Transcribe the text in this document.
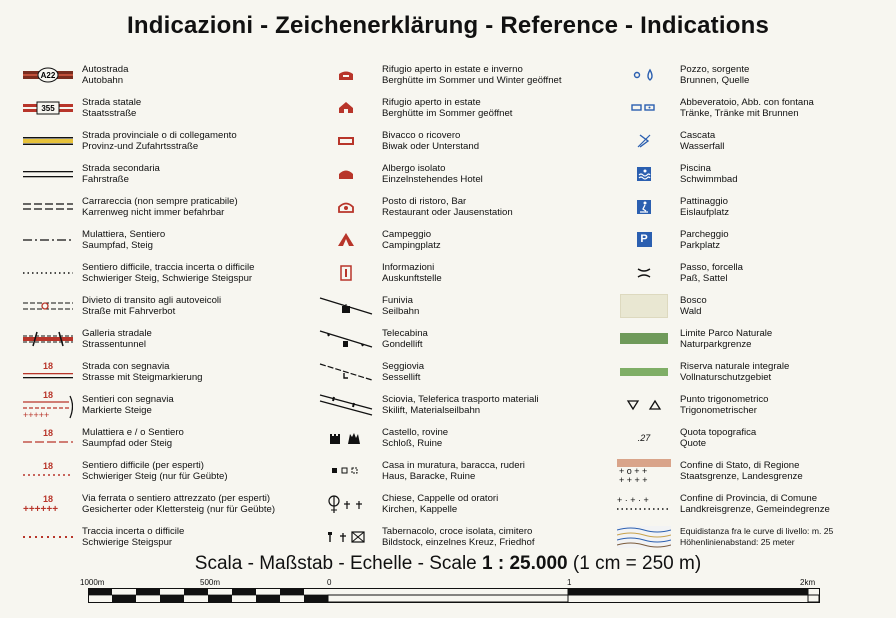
Indicazioni - Zeichenerklärung - Reference - Indications
A22
Autostrada
Autobahn
355
Strada statale
Staatsstraße
Strada provinciale o di collegamento
Provinz-und Zufahrtsstraße
Strada secondaria
Fahrstraße
Carrareccia (non sempre praticabile)
Karrenweg nicht immer befahrbar
Mulattiera, Sentiero
Saumpfad, Steig
Sentiero difficile, traccia incerta o difficile
Schwieriger Steig, Schwierige Steigspur
Divieto di transito agli autoveicoli
Straße mit Fahrverbot
Galleria stradale
Strassentunnel
18	Strada con segnavia
Strasse mit Steigmarkierung
18
+++++
Sentieri con segnavia
Markierte Steige
18	Mulattiera e / o Sentiero
Saumpfad oder Steig
18	Sentiero difficile (per esperti)
Schwieriger Steig (nur für Geübte)
18
++++++
Via ferrata o sentiero attrezzato (per esperti)
Gesicherter oder Klettersteig (nur für Geübte)
Traccia incerta o difficile
Schwierige Steigspur
Rifugio aperto in estate e inverno
Berghütte im Sommer und Winter geöffnet
Rifugio aperto in estate
Berghütte im Sommer geöffnet
Bivacco o ricovero
Biwak oder Unterstand
Albergo isolato
Einzelnstehendes Hotel
Posto di ristoro, Bar
Restaurant oder Jausenstation
Campeggio
Campingplatz
Informazioni
Auskunftstelle
Funivia
Seilbahn
Telecabina
Gondellift
Seggiovia
Sessellift
Sciovia, Teleferica trasporto materiali
Skilift, Materialseilbahn
Castello, rovine
Schloß, Ruine
Casa in muratura, baracca, ruderi
Haus, Baracke, Ruine
Chiese, Cappelle od oratori
Kirchen, Kappelle
Tabernacolo, croce isolata, cimitero
Bildstock, einzelnes Kreuz, Friedhof
Pozzo, sorgente
Brunnen, Quelle
Abbeveratoio, Abb. con fontana
Tränke, Tränke mit Brunnen
Cascata
Wasserfall
Piscina
Schwimmbad
Pattinaggio
Eislaufplatz
P	Parcheggio
Parkplatz
Passo, forcella
Paß, Sattel
Bosco
Wald
Limite Parco Naturale
Naturparkgrenze
Riserva naturale integrale
Vollnaturschutzgebiet
Punto trigonometrico
Trigonometrischer
.27	Quota topografica
Quote
+ o + +
+ + + +
Confine di Stato, di Regione
Staatsgrenze, Landesgrenze
+ · + · +	Confine di Provincia, di Comune
Landkreisgrenze, Gemeindegrenze
Equidistanza fra le curve di livello: m. 25
Höhenlinienabstand: 25 meter
Scala - Maßstab - Echelle - Scale 1 : 25.000 (1 cm = 250 m)
1000m	500m	0	1	2km
